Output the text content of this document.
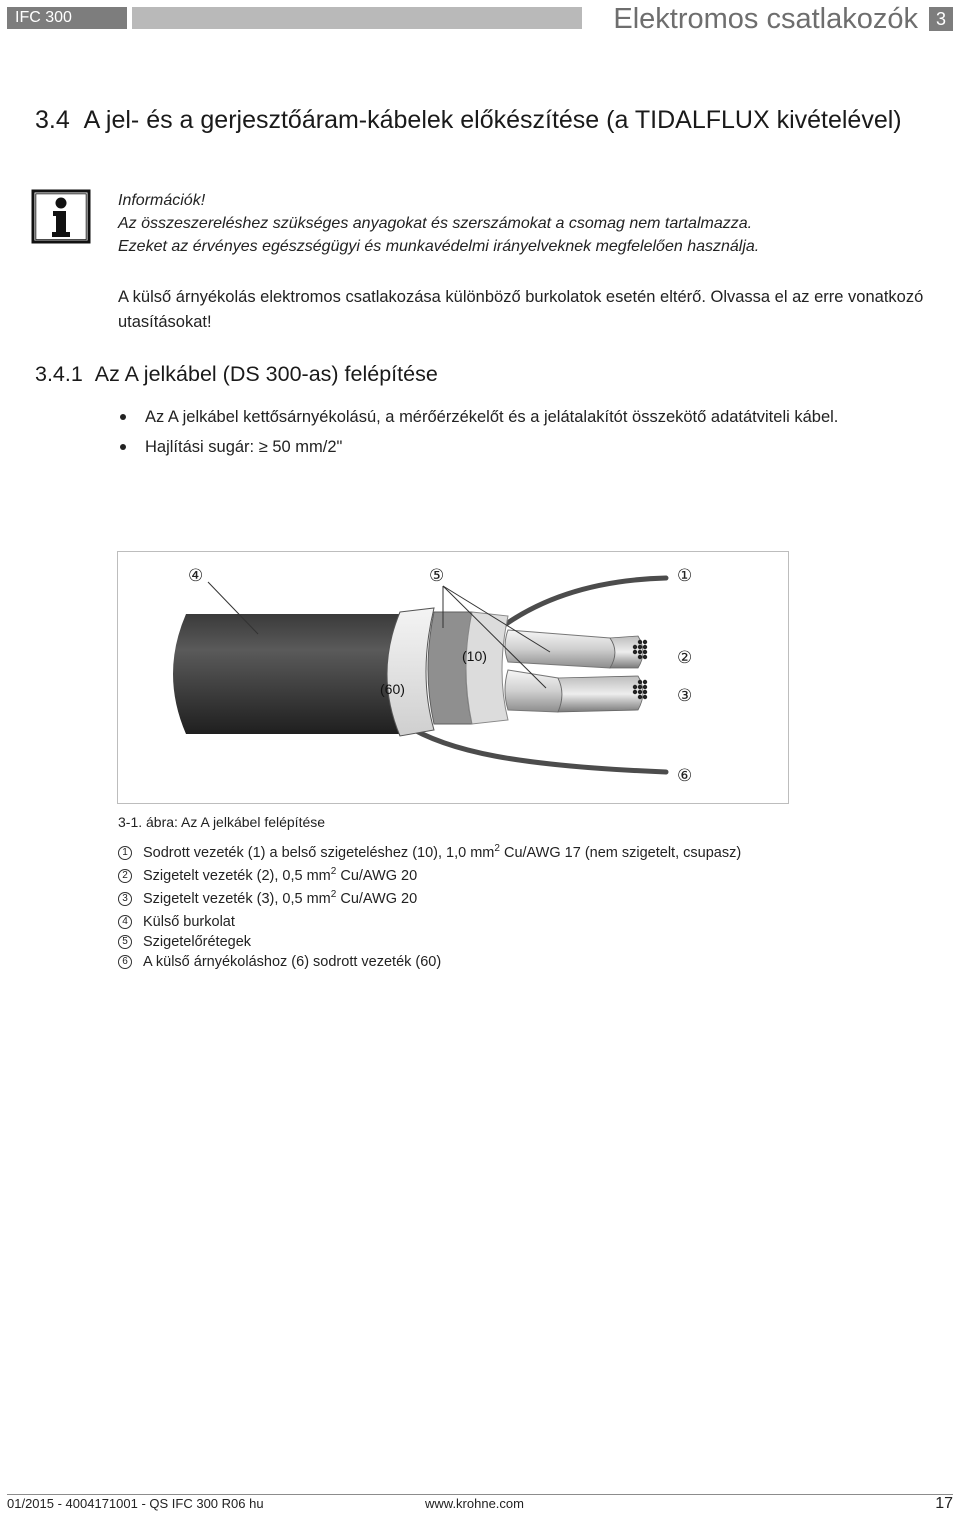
IFC 300	Elektromos csatlakozók 3
3.4 A jel- és a gerjesztőáram-kábelek előkészítése (a TIDALFLUX kivételével)
Információk!
Az összeszereléshez szükséges anyagokat és szerszámokat a csomag nem tartalmazza.
Ezeket az érvényes egészségügyi és munkavédelmi irányelveknek megfelelően használja.
A külső árnyékolás elektromos csatlakozása különböző burkolatok esetén eltérő. Olvassa el az erre vonatkozó utasításokat!
3.4.1 Az A jelkábel (DS 300-as) felépítése
Az A jelkábel kettősárnyékolású, a mérőérzékelőt és a jelátalakítót összekötő adatátviteli kábel.
Hajlítási sugár: ≥ 50 mm/2"
④	⑤	①
②
③
⑥
(10)
(60)
3-1. ábra: Az A jelkábel felépítése
1 Sodrott vezeték (1) a belső szigeteléshez (10), 1,0 $mm^2$ Cu/AWG 17 (nem szigetelt, csupasz)
2 Szigetelt vezeték (2), 0,5 $mm^2$ Cu/AWG 20
3 Szigetelt vezeték (3), 0,5 $mm^2$ Cu/AWG 20
4 Külső burkolat
5 Szigetelőrétegek
6 A külső árnyékoláshoz (6) sodrott vezeték (60)
01/2015 - 4004171001 - QS IFC 300 R06 hu	www.krohne.com	17
